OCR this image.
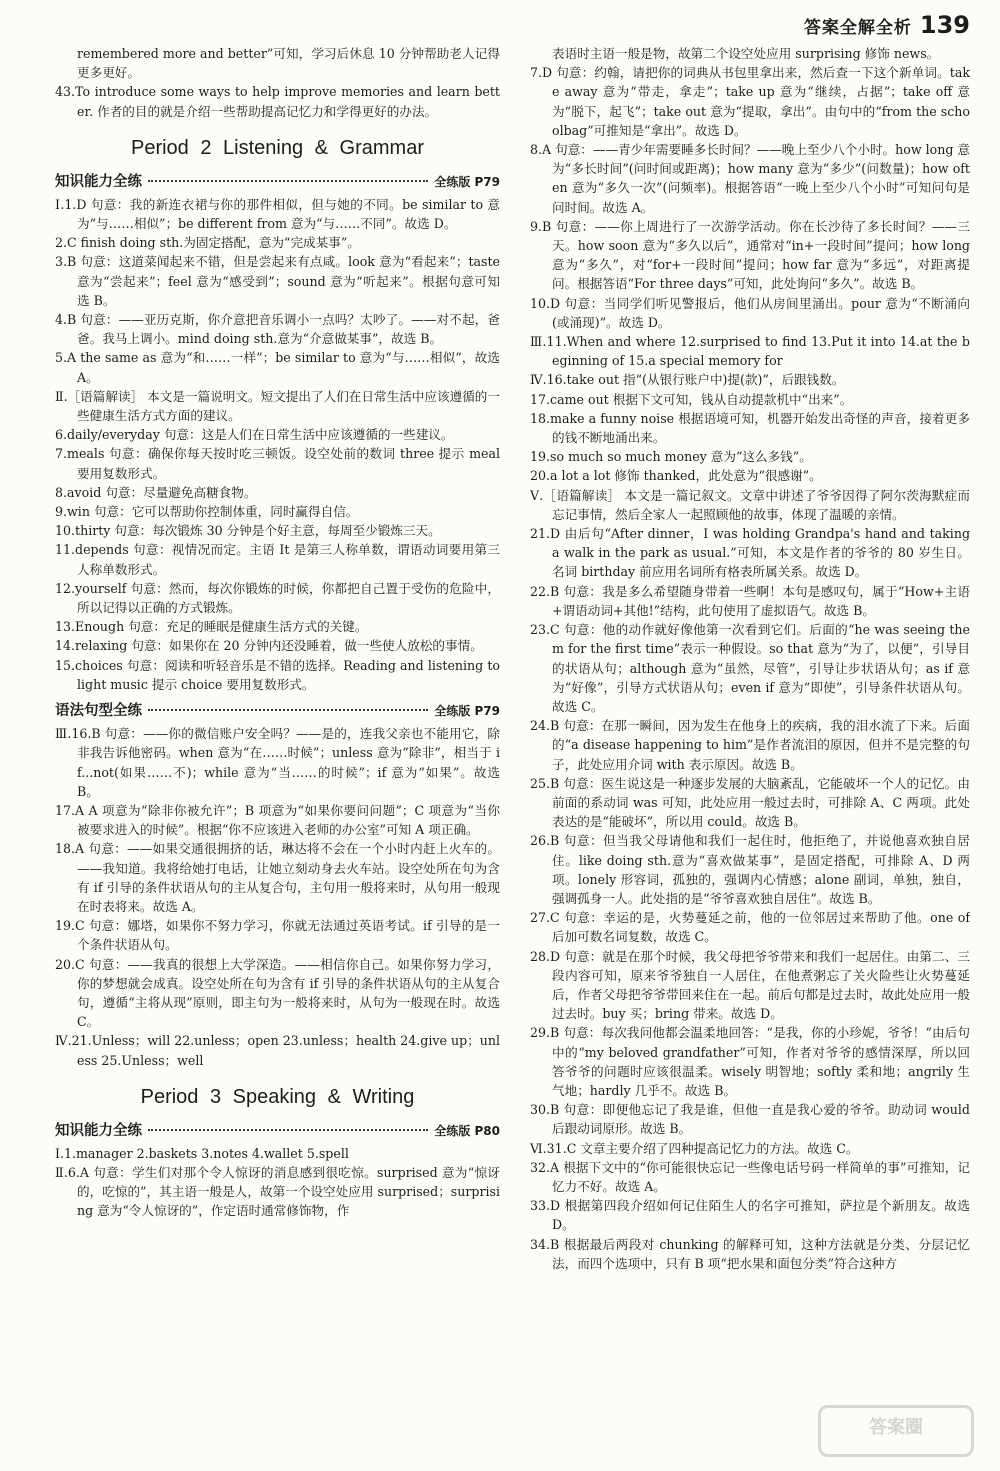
答案全解全析 139

remembered more and better”可知，学习后休息 10 分钟帮助老人记得更多更好。

43.To introduce some ways to help improve memories and learn better. 作者的目的就是介绍一些帮助提高记忆力和学得更好的办法。

Period 2 Listening & Grammar
知识能力全练	全练版 P79

Ⅰ.1.D 句意：我的新连衣裙与你的那件相似，但与她的不同。be similar to 意为“与……相似”；be different from 意为“与……不同”。故选 D。

2.C finish doing sth.为固定搭配，意为“完成某事”。

3.B 句意：这道菜闻起来不错，但是尝起来有点咸。look 意为“看起来”；taste 意为“尝起来”；feel 意为“感受到”；sound 意为“听起来”。根据句意可知选 B。

4.B 句意：——亚历克斯，你介意把音乐调小一点吗？太吵了。——对不起，爸爸。我马上调小。mind doing sth.意为“介意做某事”，故选 B。

5.A the same as 意为“和……一样”；be similar to 意为“与……相似”，故选 A。

Ⅱ.［语篇解读］ 本文是一篇说明文。短文提出了人们在日常生活中应该遵循的一些健康生活方式方面的建议。

6.daily/everyday 句意：这是人们在日常生活中应该遵循的一些建议。

7.meals 句意：确保你每天按时吃三顿饭。设空处前的数词 three 提示 meal 要用复数形式。

8.avoid 句意：尽量避免高糖食物。

9.win 句意：它可以帮助你控制体重，同时赢得自信。

10.thirty 句意：每次锻炼 30 分钟是个好主意，每周至少锻炼三天。

11.depends 句意：视情况而定。主语 It 是第三人称单数，谓语动词要用第三人称单数形式。

12.yourself 句意：然而，每次你锻炼的时候，你都把自己置于受伤的危险中，所以记得以正确的方式锻炼。

13.Enough 句意：充足的睡眠是健康生活方式的关键。

14.relaxing 句意：如果你在 20 分钟内还没睡着，做一些使人放松的事情。

15.choices 句意：阅读和听轻音乐是不错的选择。Reading and listening to light music 提示 choice 要用复数形式。

语法句型全练	全练版 P79

Ⅲ.16.B 句意：——你的微信账户安全吗？——是的，连我父亲也不能用它，除非我告诉他密码。when 意为“在……时候”；unless 意为“除非”，相当于 if...not(如果……不)；while 意为“当……的时候”；if 意为“如果”。故选 B。

17.A A 项意为“除非你被允许”；B 项意为“如果你要问问题”；C 项意为“当你被要求进入的时候”。根据“你不应该进入老师的办公室”可知 A 项正确。

18.A 句意：——如果交通很拥挤的话，琳达将不会在一个小时内赶上火车的。——我知道。我将给她打电话，让她立刻动身去火车站。设空处所在句为含有 if 引导的条件状语从句的主从复合句，主句用一般将来时，从句用一般现在时表将来。故选 A。

19.C 句意：娜塔，如果你不努力学习，你就无法通过英语考试。if 引导的是一个条件状语从句。

20.C 句意：——我真的很想上大学深造。——相信你自己。如果你努力学习，你的梦想就会成真。设空处所在句为含有 if 引导的条件状语从句的主从复合句，遵循“主将从现”原则，即主句为一般将来时，从句为一般现在时。故选 C。

Ⅳ.21.Unless；will 22.unless；open 23.unless；health 24.give up；unless 25.Unless；well

Period 3 Speaking & Writing
知识能力全练	全练版 P80

Ⅰ.1.manager 2.baskets 3.notes 4.wallet 5.spell

Ⅱ.6.A 句意：学生们对那个令人惊讶的消息感到很吃惊。surprised 意为“惊讶的，吃惊的”，其主语一般是人，故第一个设空处应用 surprised；surprising 意为“令人惊讶的”，作定语时通常修饰物，作

表语时主语一般是物，故第二个设空处应用 surprising 修饰 news。

7.D 句意：约翰，请把你的词典从书包里拿出来，然后查一下这个新单词。take away 意为“带走，拿走”；take up 意为“继续，占据”；take off 意为“脱下，起飞”；take out 意为“提取，拿出”。由句中的“from the schoolbag”可推知是“拿出”。故选 D。

8.A 句意：——青少年需要睡多长时间？——晚上至少八个小时。how long 意为“多长时间”(问时间或距离)；how many 意为“多少”(问数量)；how often 意为“多久一次”(问频率)。根据答语“一晚上至少八个小时”可知问句是问时间。故选 A。

9.B 句意：——你上周进行了一次游学活动。你在长沙待了多长时间？——三天。how soon 意为“多久以后”，通常对“in+一段时间”提问；how long 意为“多久”，对“for+一段时间”提问；how far 意为“多远”，对距离提问。根据答语“For three days”可知，此处询问“多久”。故选 B。

10.D 句意：当同学们听见警报后，他们从房间里涌出。pour 意为“不断涌向(或涌现)”。故选 D。

Ⅲ.11.When and where 12.surprised to find 13.Put it into 14.at the beginning of 15.a special memory for

Ⅳ.16.take out 指“(从银行账户中)提(款)”，后跟钱数。

17.came out 根据下文可知，钱从自动提款机中“出来”。

18.make a funny noise 根据语境可知，机器开始发出奇怪的声音，接着更多的钱不断地涌出来。

19.so much so much money 意为“这么多钱”。

20.a lot a lot 修饰 thanked，此处意为“很感谢”。

Ⅴ.［语篇解读］ 本文是一篇记叙文。文章中讲述了爷爷因得了阿尔茨海默症而忘记事情，然后全家人一起照顾他的故事，体现了温暖的亲情。

21.D 由后句“After dinner，I was holding Grandpa's hand and taking a walk in the park as usual.”可知，本文是作者的爷爷的 80 岁生日。名词 birthday 前应用名词所有格表所属关系。故选 D。

22.B 句意：我是多么希望随身带着一些啊！本句是感叹句，属于“How+主语+谓语动词+其他!”结构，此句使用了虚拟语气。故选 B。

23.C 句意：他的动作就好像他第一次看到它们。后面的“he was seeing them for the first time”表示一种假设。so that 意为“为了，以便”，引导目的状语从句；although 意为“虽然，尽管”，引导让步状语从句；as if 意为“好像”，引导方式状语从句；even if 意为“即使”，引导条件状语从句。故选 C。

24.B 句意：在那一瞬间，因为发生在他身上的疾病，我的泪水流了下来。后面的“a disease happening to him”是作者流泪的原因，但并不是完整的句子，此处应用介词 with 表示原因。故选 B。

25.B 句意：医生说这是一种逐步发展的大脑紊乱，它能破坏一个人的记忆。由前面的系动词 was 可知，此处应用一般过去时，可排除 A、C 两项。此处表达的是“能破坏”，所以用 could。故选 B。

26.B 句意：但当我父母请他和我们一起住时，他拒绝了，并说他喜欢独自居住。like doing sth.意为“喜欢做某事”，是固定搭配，可排除 A、D 两项。lonely 形容词，孤独的，强调内心情感；alone 副词，单独，独自，强调孤身一人。此处指的是“爷爷喜欢独自居住”。故选 B。

27.C 句意：幸运的是，火势蔓延之前，他的一位邻居过来帮助了他。one of 后加可数名词复数，故选 C。

28.D 句意：就是在那个时候，我父母把爷爷带来和我们一起居住。由第二、三段内容可知，原来爷爷独自一人居住，在他煮粥忘了关火险些让火势蔓延后，作者父母把爷爷带回来住在一起。前后句都是过去时，故此处应用一般过去时。buy 买；bring 带来。故选 D。

29.B 句意：每次我问他都会温柔地回答：“是我，你的小珍妮，爷爷！”由后句中的“my beloved grandfather”可知，作者对爷爷的感情深厚，所以回答爷爷的问题时应该很温柔。wisely 明智地；softly 柔和地；angrily 生气地；hardly 几乎不。故选 B。

30.B 句意：即便他忘记了我是谁，但他一直是我心爱的爷爷。助动词 would 后跟动词原形。故选 B。

Ⅵ.31.C 文章主要介绍了四种提高记忆力的方法。故选 C。

32.A 根据下文中的“你可能很快忘记一些像电话号码一样简单的事”可推知，记忆力不好。故选 A。

33.D 根据第四段介绍如何记住陌生人的名字可推知，萨拉是个新朋友。故选 D。

34.B 根据最后两段对 chunking 的解释可知，这种方法就是分类、分层记忆法，而四个选项中，只有 B 项“把水果和面包分类”符合这种方

答案圈
